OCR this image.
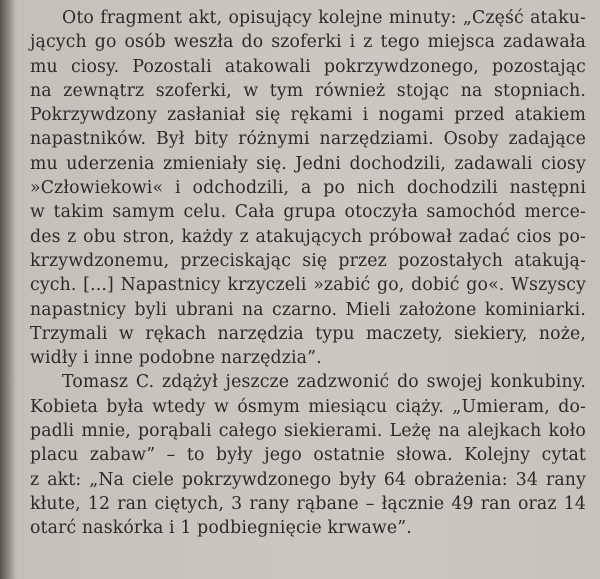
Oto fragment akt, opisujący kolejne minuty: „Część ataku-
jących go osób weszła do szoferki i z tego miejsca zadawała
mu ciosy. Pozostali atakowali pokrzywdzonego, pozostając
na zewnątrz szoferki, w tym również stojąc na stopniach.
Pokrzywdzony zasłaniał się rękami i nogami przed atakiem
napastników. Był bity różnymi narzędziami. Osoby zadające
mu uderzenia zmieniały się. Jedni dochodzili, zadawali ciosy
»Człowiekowi« i odchodzili, a po nich dochodzili następni
w takim samym celu. Cała grupa otoczyła samochód merce-
des z obu stron, każdy z atakujących próbował zadać cios po-
krzywdzonemu, przeciskając się przez pozostałych atakują-
cych. [...] Napastnicy krzyczeli »zabić go, dobić go«. Wszyscy
napastnicy byli ubrani na czarno. Mieli założone kominiarki.
Trzymali w rękach narzędzia typu maczety, siekiery, noże,
widły i inne podobne narzędzia”.
Tomasz C. zdążył jeszcze zadzwonić do swojej konkubiny.
Kobieta była wtedy w ósmym miesiącu ciąży. „Umieram, do-
padli mnie, porąbali całego siekierami. Leżę na alejkach koło
placu zabaw” – to były jego ostatnie słowa. Kolejny cytat
z akt: „Na ciele pokrzywdzonego były 64 obrażenia: 34 rany
kłute, 12 ran ciętych, 3 rany rąbane – łącznie 49 ran oraz 14
otarć naskórka i 1 podbiegnięcie krwawe”.
